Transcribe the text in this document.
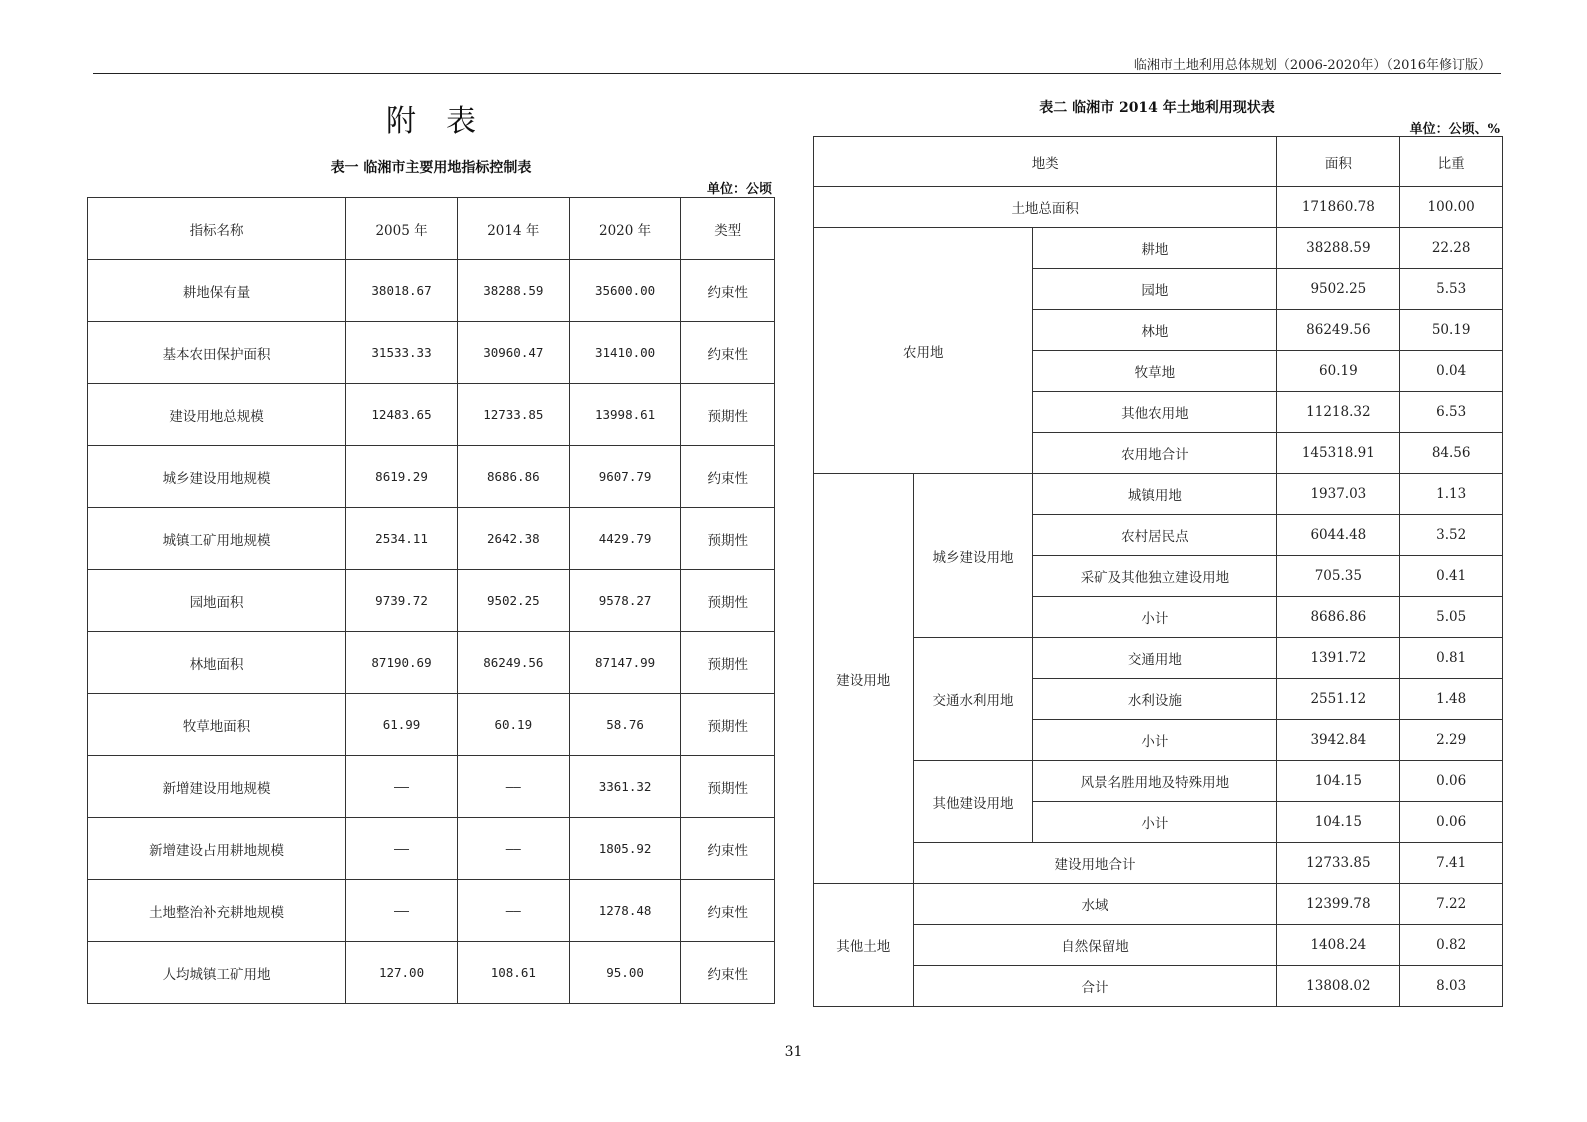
临湘市土地利用总体规划（2006-2020年）（2016年修订版）
附表
表一 临湘市主要用地指标控制表
单位：公顷
指标名称	2005 年	2014 年	2020 年	类型
耕地保有量	38018.67	38288.59	35600.00	约束性
基本农田保护面积	31533.33	30960.47	31410.00	约束性
建设用地总规模	12483.65	12733.85	13998.61	预期性
城乡建设用地规模	8619.29	8686.86	9607.79	约束性
城镇工矿用地规模	2534.11	2642.38	4429.79	预期性
园地面积	9739.72	9502.25	9578.27	预期性
林地面积	87190.69	86249.56	87147.99	预期性
牧草地面积	61.99	60.19	58.76	预期性
新增建设用地规模	——	——	3361.32	预期性
新增建设占用耕地规模	——	——	1805.92	约束性
土地整治补充耕地规模	——	——	1278.48	约束性
人均城镇工矿用地	127.00	108.61	95.00	约束性
表二 临湘市 2014 年土地利用现状表
单位：公顷、%
地类			面积	比重
土地总面积			171860.78	100.00
农用地		耕地	38288.59	22.28
		园地	9502.25	5.53
		林地	86249.56	50.19
		牧草地	60.19	0.04
		其他农用地	11218.32	6.53
		农用地合计	145318.91	84.56
建设用地	城乡建设用地	城镇用地	1937.03	1.13
		农村居民点	6044.48	3.52
		采矿及其他独立建设用地	705.35	0.41
		小计	8686.86	5.05
	交通水利用地	交通用地	1391.72	0.81
		水利设施	2551.12	1.48
		小计	3942.84	2.29
	其他建设用地	风景名胜用地及特殊用地	104.15	0.06
		小计	104.15	0.06
	建设用地合计		12733.85	7.41
其他土地	水域		12399.78	7.22
	自然保留地		1408.24	0.82
	合计		13808.02	8.03
31
